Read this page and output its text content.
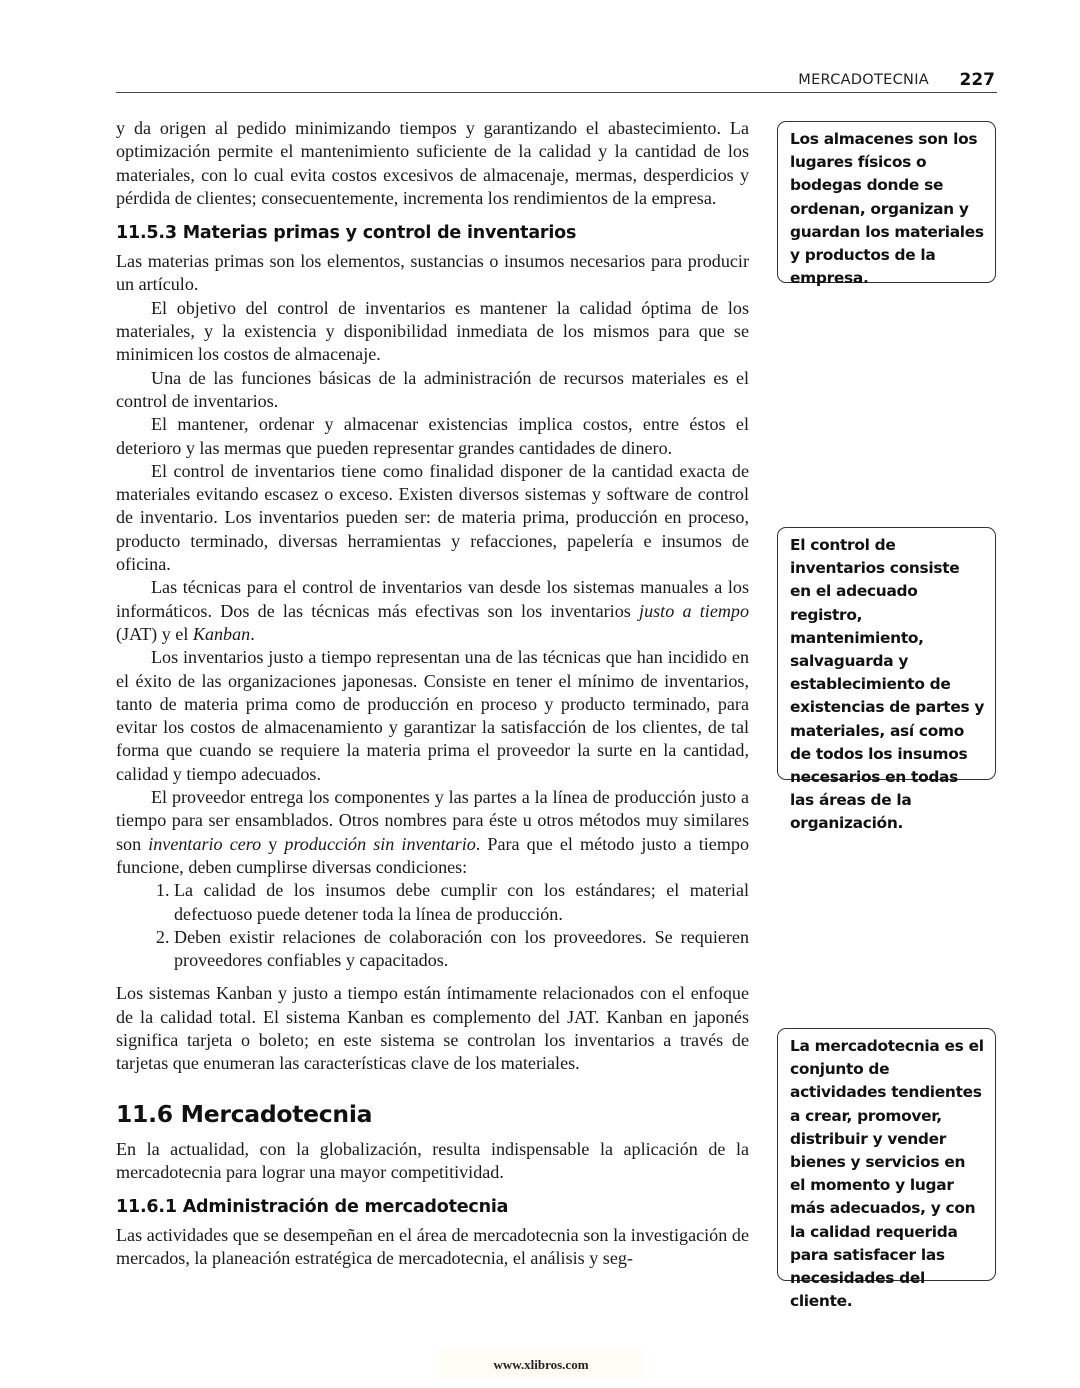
MERCADOTECNIA 227

y da origen al pedido minimizando tiempos y garantizando el abastecimiento. La optimización permite el mantenimiento suficiente de la calidad y la cantidad de los materiales, con lo cual evita costos excesivos de almacenaje, mermas, desperdicios y pérdida de clientes; consecuentemente, incrementa los rendimientos de la empresa.

11.5.3 Materias primas y control de inventarios

Las materias primas son los elementos, sustancias o insumos necesarios para producir un artículo.

El objetivo del control de inventarios es mantener la calidad óptima de los materiales, y la existencia y disponibilidad inmediata de los mismos para que se minimicen los costos de almacenaje.

Una de las funciones básicas de la administración de recursos materiales es el control de inventarios.

El mantener, ordenar y almacenar existencias implica costos, entre éstos el deterioro y las mermas que pueden representar grandes cantidades de dinero.

El control de inventarios tiene como finalidad disponer de la cantidad exacta de materiales evitando escasez o exceso. Existen diversos sistemas y software de control de inventario. Los inventarios pueden ser: de materia prima, producción en proceso, producto terminado, diversas herramientas y refacciones, papelería e insumos de oficina.

Las técnicas para el control de inventarios van desde los sistemas manuales a los informáticos. Dos de las técnicas más efectivas son los inventarios justo a tiempo (JAT) y el Kanban.

Los inventarios justo a tiempo representan una de las técnicas que han incidido en el éxito de las organizaciones japonesas. Consiste en tener el mínimo de inventarios, tanto de materia prima como de producción en proceso y producto terminado, para evitar los costos de almacenamiento y garantizar la satisfacción de los clientes, de tal forma que cuando se requiere la materia prima el proveedor la surte en la cantidad, calidad y tiempo adecuados.

El proveedor entrega los componentes y las partes a la línea de producción justo a tiempo para ser ensamblados. Otros nombres para éste u otros métodos muy similares son inventario cero y producción sin inventario. Para que el método justo a tiempo funcione, deben cumplirse diversas condiciones:

1. La calidad de los insumos debe cumplir con los estándares; el material defectuoso puede detener toda la línea de producción.
2. Deben existir relaciones de colaboración con los proveedores. Se requieren proveedores confiables y capacitados.

Los sistemas Kanban y justo a tiempo están íntimamente relacionados con el enfoque de la calidad total. El sistema Kanban es complemento del JAT. Kanban en japonés significa tarjeta o boleto; en este sistema se controlan los inventarios a través de tarjetas que enumeran las características clave de los materiales.

11.6 Mercadotecnia

En la actualidad, con la globalización, resulta indispensable la aplicación de la mercadotecnia para lograr una mayor competitividad.

11.6.1 Administración de mercadotecnia

Las actividades que se desempeñan en el área de mercadotecnia son la investigación de mercados, la planeación estratégica de mercadotecnia, el análisis y seg-

Los almacenes son los lugares físicos o bodegas donde se ordenan, organizan y guardan los materiales y productos de la empresa.
El control de inventarios consiste en el adecuado registro, mantenimiento, salvaguarda y establecimiento de existencias de partes y materiales, así como de todos los insumos necesarios en todas las áreas de la organización.
La mercadotecnia es el conjunto de actividades tendientes a crear, promover, distribuir y vender bienes y servicios en el momento y lugar más adecuados, y con la calidad requerida para satisfacer las necesidades del cliente.
www.xlibros.com
